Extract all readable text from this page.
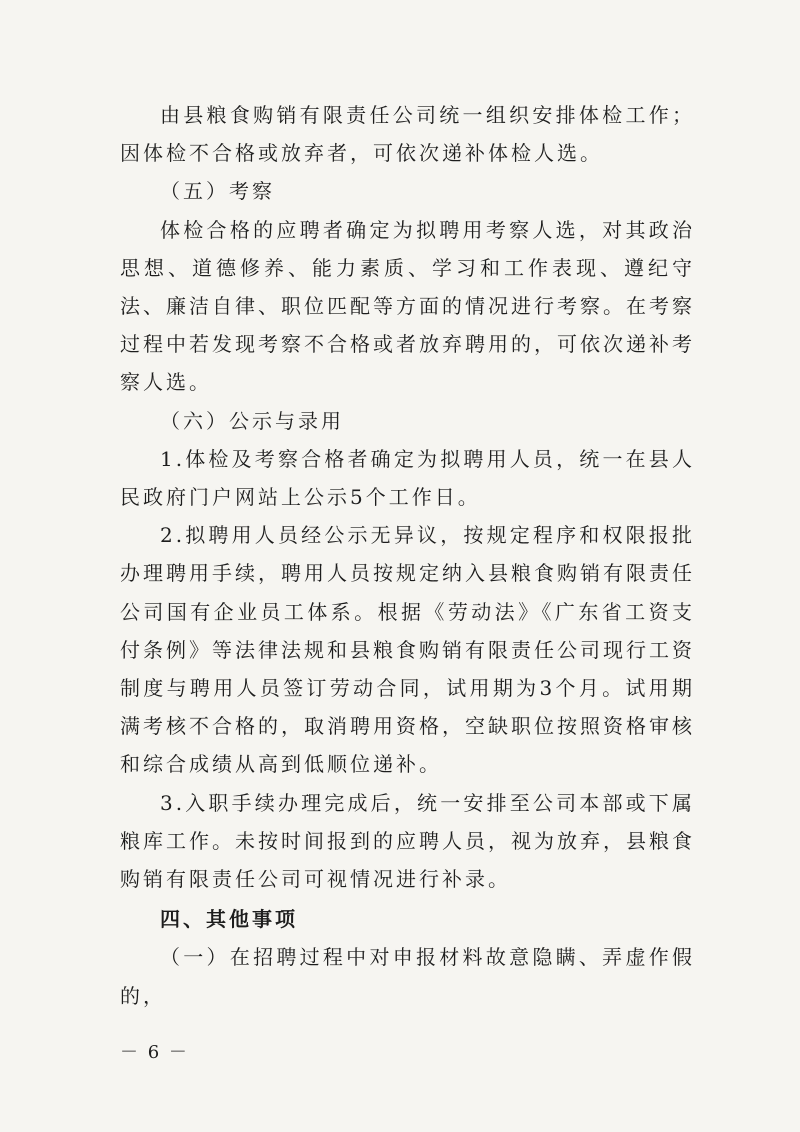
由县粮食购销有限责任公司统一组织安排体检工作；因体检不合格或放弃者，可依次递补体检人选。

（五）考察

体检合格的应聘者确定为拟聘用考察人选，对其政治思想、道德修养、能力素质、学习和工作表现、遵纪守法、廉洁自律、职位匹配等方面的情况进行考察。在考察过程中若发现考察不合格或者放弃聘用的，可依次递补考察人选。

（六）公示与录用

1.体检及考察合格者确定为拟聘用人员，统一在县人民政府门户网站上公示5个工作日。

2.拟聘用人员经公示无异议，按规定程序和权限报批办理聘用手续，聘用人员按规定纳入县粮食购销有限责任公司国有企业员工体系。根据《劳动法》《广东省工资支付条例》等法律法规和县粮食购销有限责任公司现行工资制度与聘用人员签订劳动合同，试用期为3个月。试用期满考核不合格的，取消聘用资格，空缺职位按照资格审核和综合成绩从高到低顺位递补。

3.入职手续办理完成后，统一安排至公司本部或下属粮库工作。未按时间报到的应聘人员，视为放弃，县粮食购销有限责任公司可视情况进行补录。

四、其他事项

（一）在招聘过程中对申报材料故意隐瞒、弄虚作假的，

－ 6 －
